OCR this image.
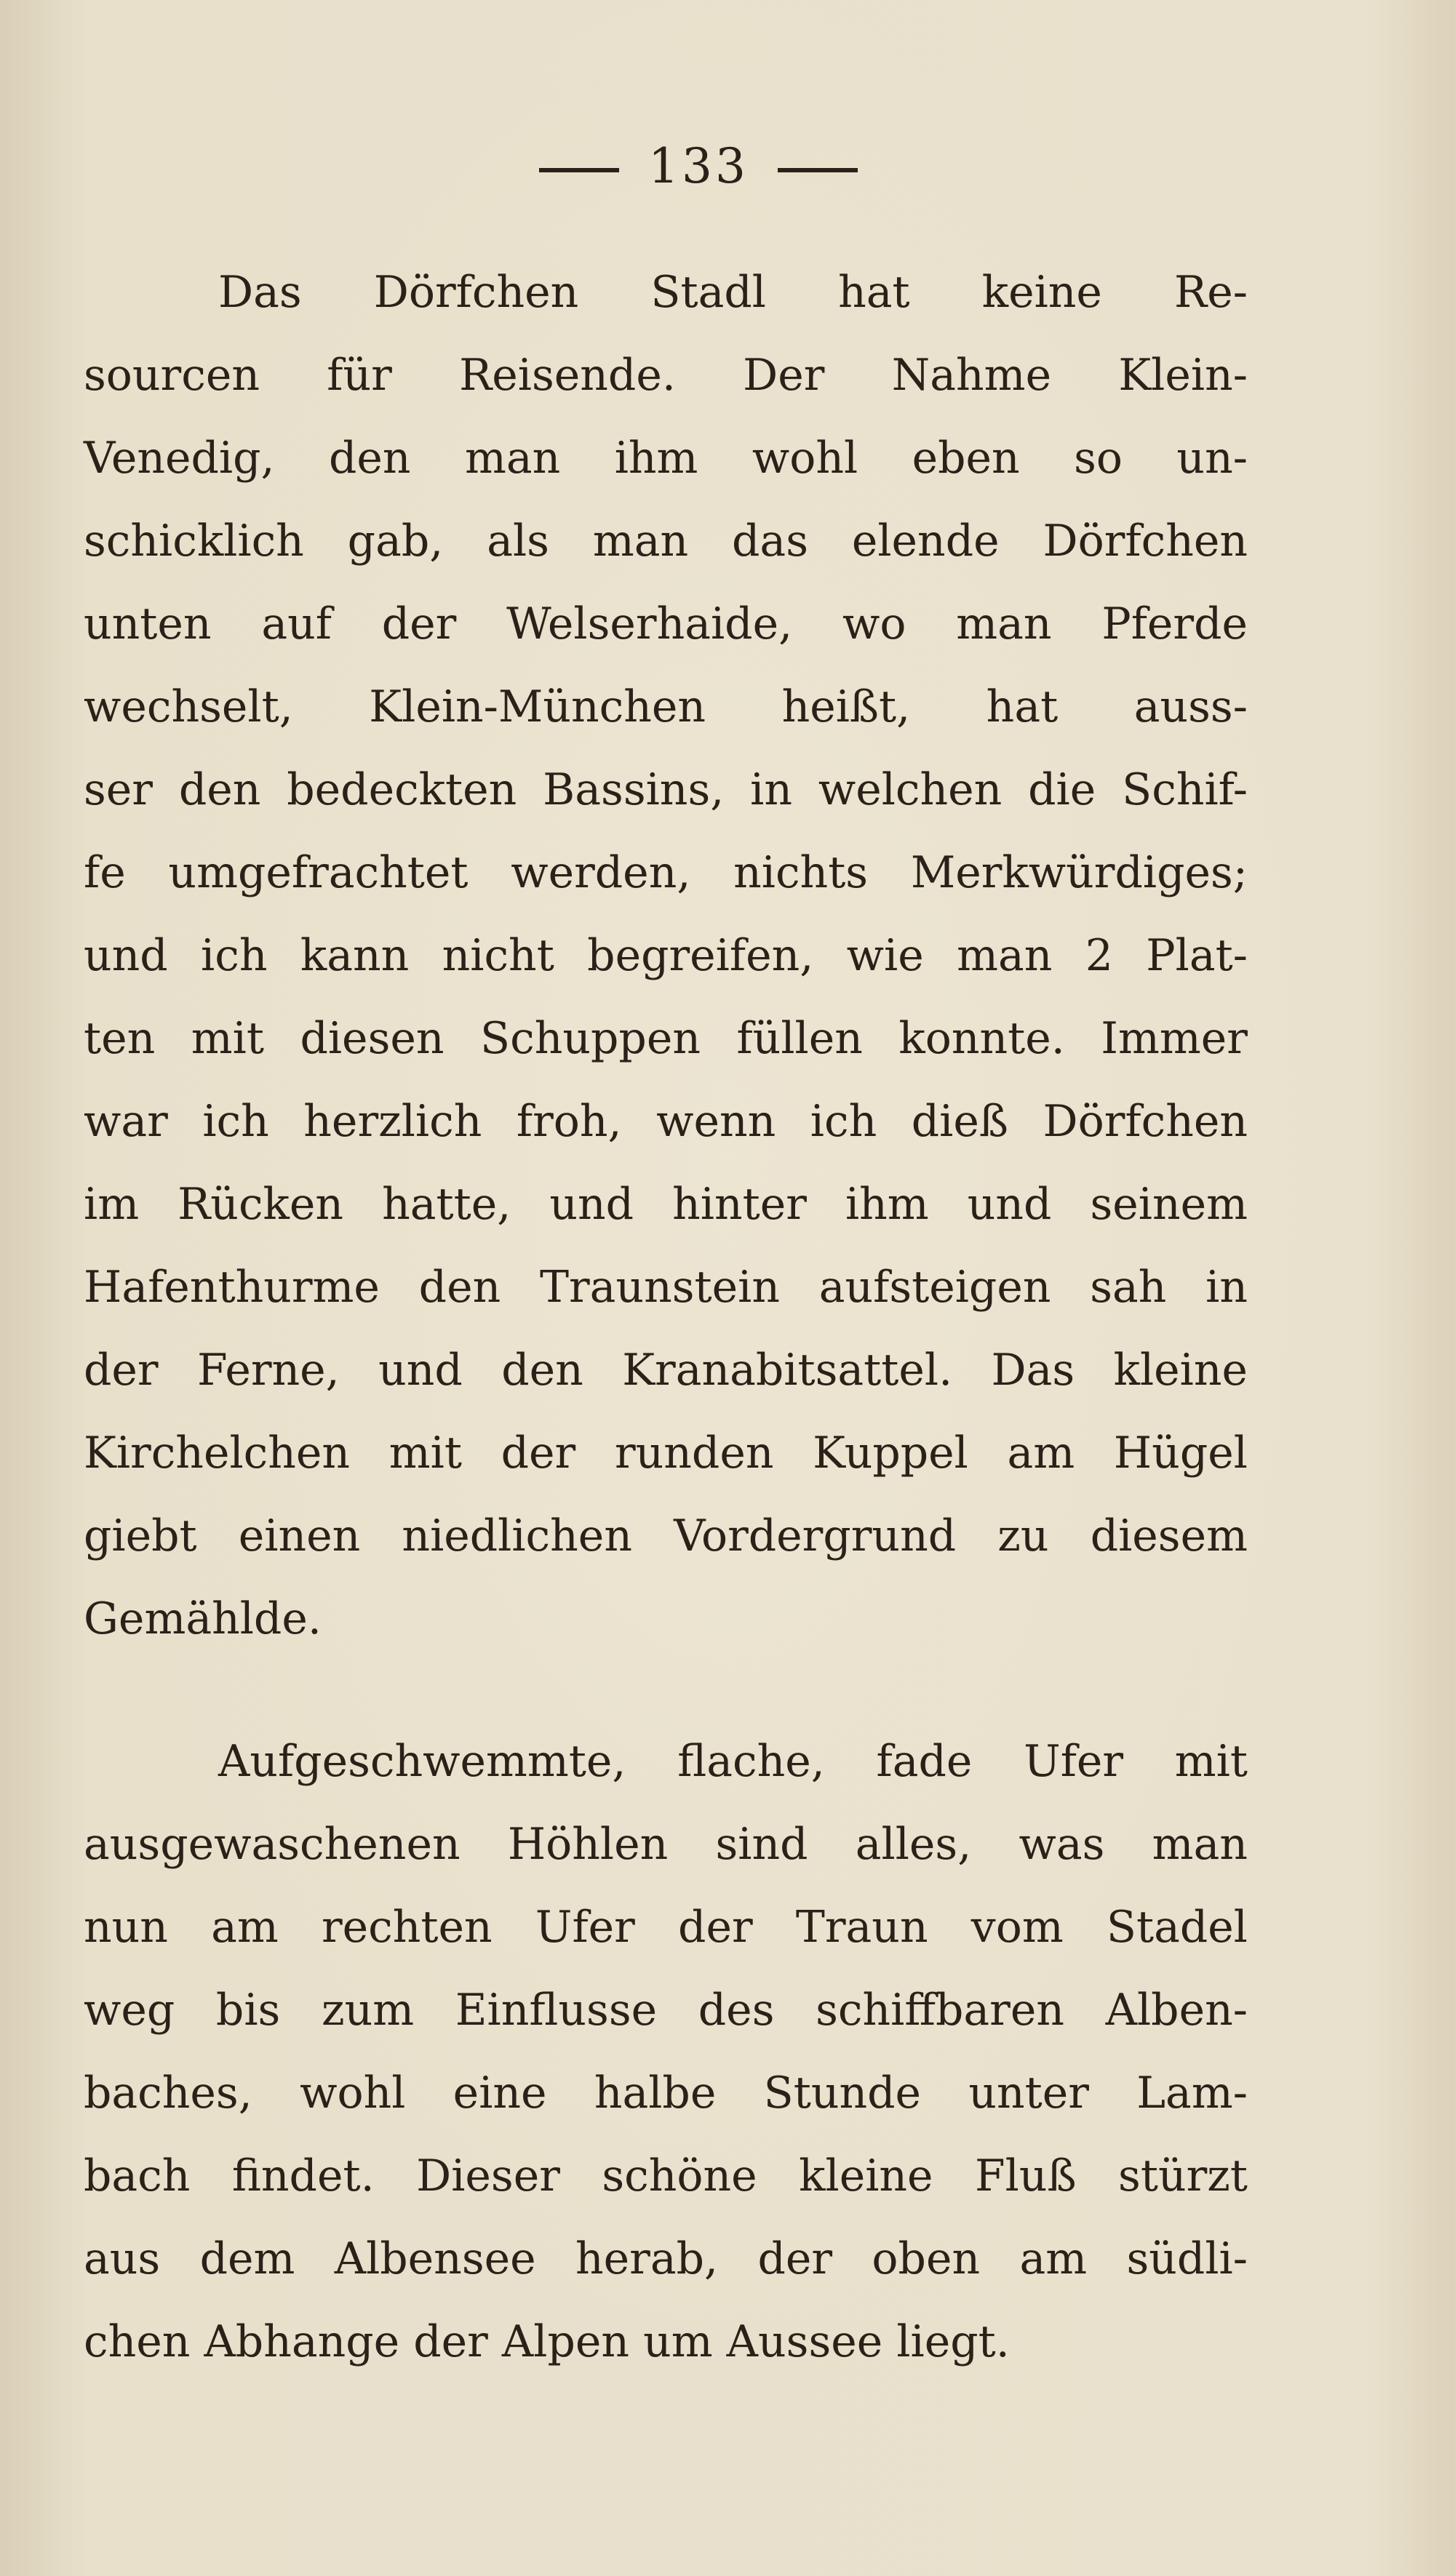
133
Das Dörfchen Stadl hat keine Re-
sourcen für Reisende. Der Nahme Klein-
Venedig, den man ihm wohl eben so un-
schicklich gab, als man das elende Dörfchen
unten auf der Welserhaide, wo man Pferde
wechselt, Klein-München heißt, hat auss-
ser den bedeckten Bassins, in welchen die Schif-
fe umgefrachtet werden, nichts Merkwürdiges;
und ich kann nicht begreifen, wie man 2 Plat-
ten mit diesen Schuppen füllen konnte. Immer
war ich herzlich froh, wenn ich dieß Dörfchen
im Rücken hatte, und hinter ihm und seinem
Hafenthurme den Traunstein aufsteigen sah in
der Ferne, und den Kranabitsattel. Das kleine
Kirchelchen mit der runden Kuppel am Hügel
giebt einen niedlichen Vordergrund zu diesem
Gemählde.
Aufgeschwemmte, flache, fade Ufer mit
ausgewaschenen Höhlen sind alles, was man
nun am rechten Ufer der Traun vom Stadel
weg bis zum Einflusse des schiffbaren Alben-
baches, wohl eine halbe Stunde unter Lam-
bach findet. Dieser schöne kleine Fluß stürzt
aus dem Albensee herab, der oben am südli-
chen Abhange der Alpen um Aussee liegt.
